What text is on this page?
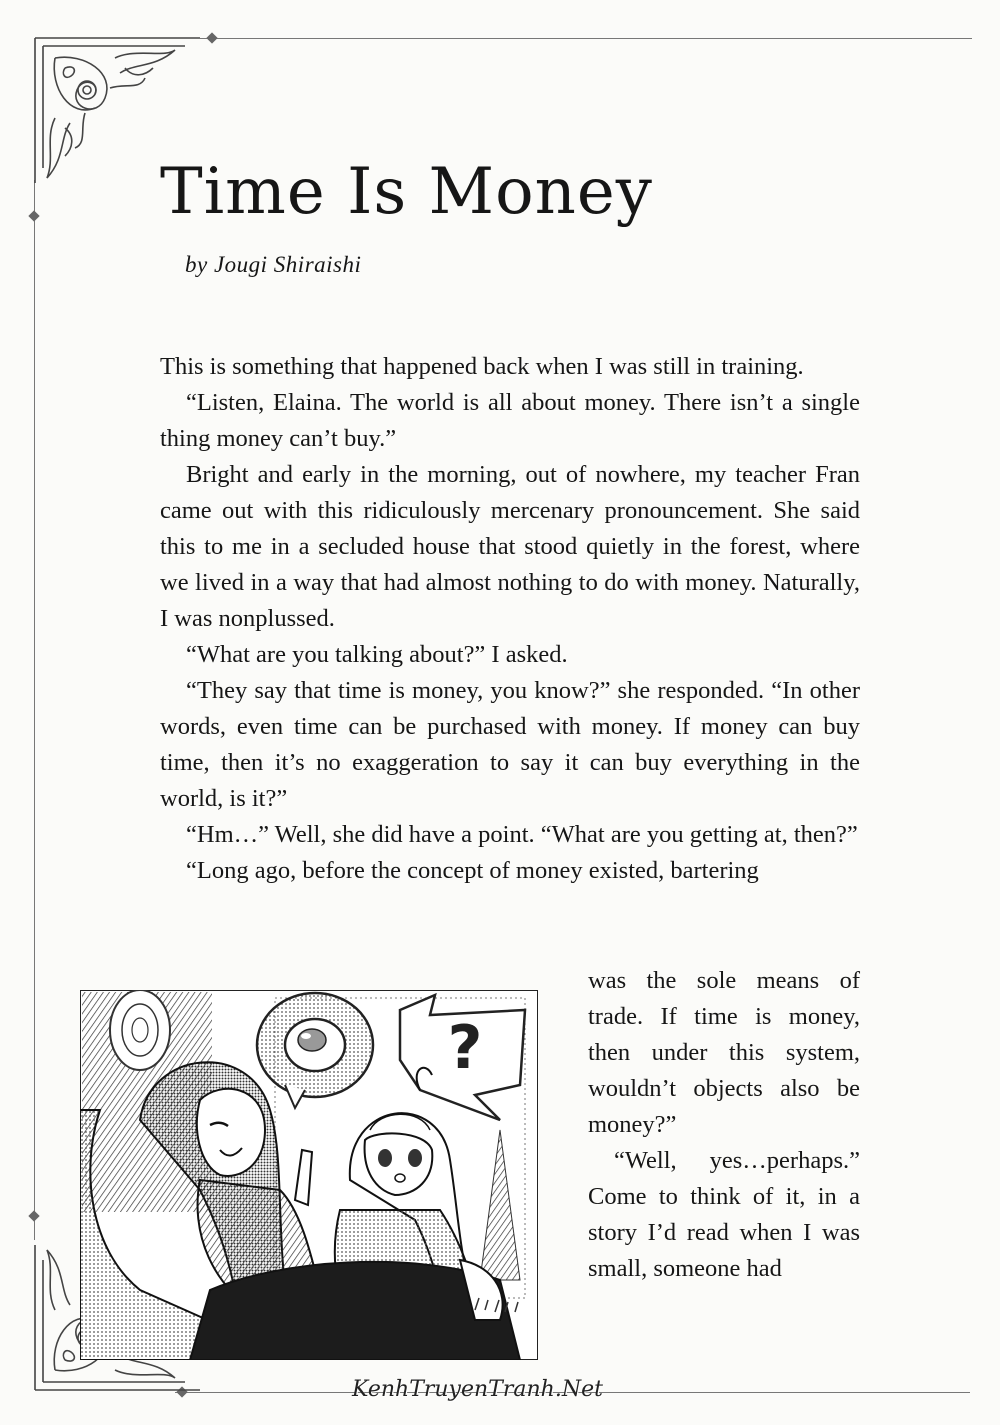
Time Is Money
by Jougi Shiraishi

This is something that happened back when I was still in training.

“Listen, Elaina. The world is all about money. There isn’t a single thing money can’t buy.”

Bright and early in the morning, out of nowhere, my teacher Fran came out with this ridiculously mercenary pronouncement. She said this to me in a secluded house that stood quietly in the forest, where we lived in a way that had almost nothing to do with money. Naturally, I was nonplussed.

“What are you talking about?” I asked.

“They say that time is money, you know?” she responded. “In other words, even time can be purchased with money. If money can buy time, then it’s no exaggeration to say it can buy everything in the world, is it?”

“Hm…” Well, she did have a point. “What are you getting at, then?”

“Long ago, before the concept of money existed, bartering

was the sole means of trade. If time is money, then under this system, wouldn’t objects also be money?”

“Well, yes…perhaps.” Come to think of it, in a story I’d read when I was small, someone had

?
KenhTruyenTranh.Net
